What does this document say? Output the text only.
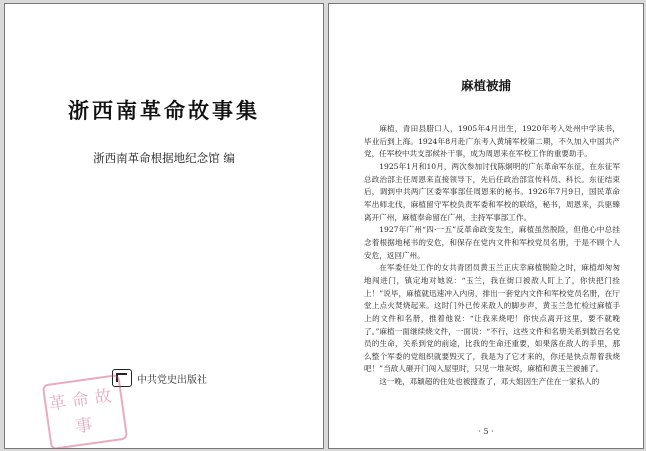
浙西南革命故事集
浙西南革命根据地纪念馆 编
中共党史出版社
革命故事
麻植被捕

麻植，青田县腊口人，1905年4月出生，1920年考入处州中学读书，毕业后到上海。1924年8月赴广东考入黄埔军校第二期，不久加入中国共产党，任军校中共支部候补干事，成为周恩来在军校工作的重要助手。

1925年1月和10月，两次参加讨伐陈炯明的广东革命军东征，在东征军总政治部主任周恩来直接领导下，先后任政治部宣传科员、科长。东征结束后，调到中共两广区委军事部任周恩来的秘书。1926年7月9日，国民革命军出师北伐，麻植留守军校负责军委和军校的联络，秘书，周恩来，兵驱臻离开广州，麻植奉命留在广州，主持军事部工作。

1927年广州“四·一五”反革命政变发生，麻植虽然脱险，但他心中总挂念着根据地秘书的安危，和保存在党内文件和军校党员名册，于是不顾个人安危，返回广州。

在军委任处工作的女共青团员黄玉兰正庆幸麻植脱险之时，麻植却匆匆地闯进门，镇定地对她说：“玉兰，我在街口被敌人盯上了，你快把门拴上！”说毕，麻植就迅速冲入内房，排出一套党内文件和军校党员名册，在厅堂上点火焚烧起来。这时门外已传来敌人的脚步声，黄玉兰急忙检过麻植手上的文件和名册，推着他说：“让我来烧吧！你快点离开这里，要不就晚了。”麻植一面继续烧文件，一面说：“不行，这些文件和名册关系到数百名党员的生命，关系到党的前途，比我的生命还重要，如果落在敌人的手里，那么整个军委的党组织就要毁灭了，我是为了它才来的，你还是快点帮着我烧吧！”当敌人砸开门闯入屋里时，只见一堆灰烬，麻植和黄玉兰被捕了。

这一晚，邓颖超的住处也被搜查了，邓大姐因生产住在一家私人的

· 5 ·
